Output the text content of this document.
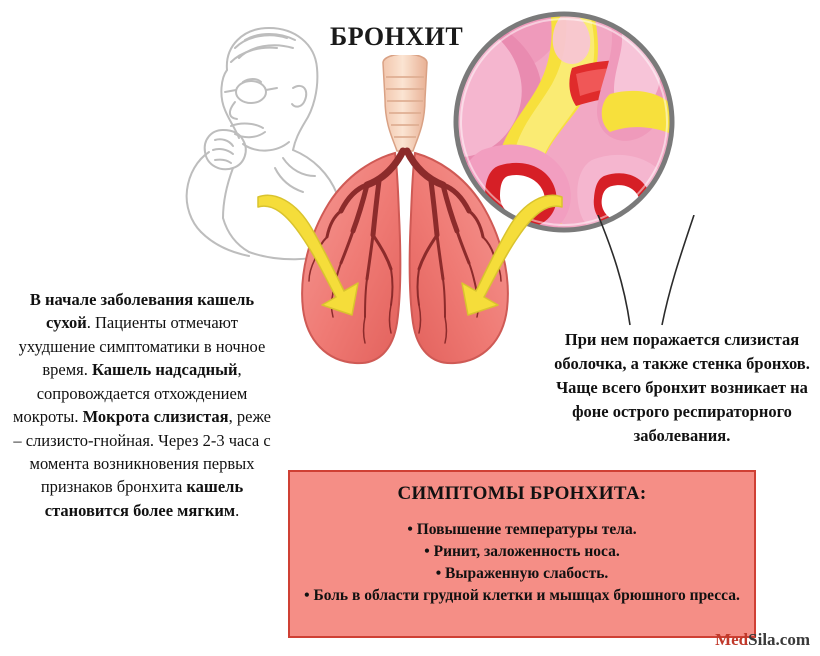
БРОНХИТ
В начале заболевания кашель сухой. Пациенты отмечают ухудшение симптоматики в ночное время. Кашель надсадный, сопровождается отхождением мокроты. Мокрота слизистая, реже – слизисто-гнойная. Через 2-3 часа с момента возникновения первых признаков бронхита кашель становится более мягким.
При нем поражается слизистая оболочка, а также стенка бронхов. Чаще всего бронхит возникает на фоне острого респираторного заболевания.
СИМПТОМЫ БРОНХИТА:
• Повышение температуры тела.
• Ринит, заложенность носа.
• Выраженную слабость.
• Боль в области грудной клетки и мышцах брюшного пресса.
MedSila.com
